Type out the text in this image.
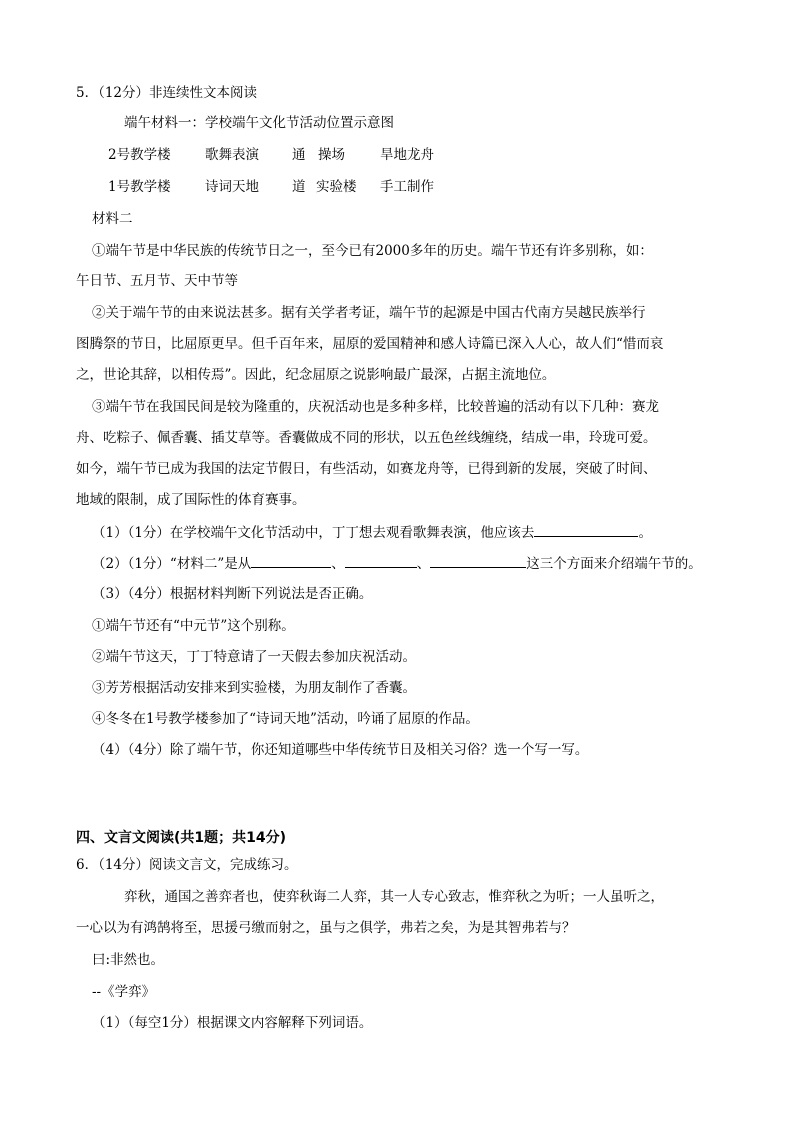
5．（12分）非连续性文本阅读
端午材料一：学校端午文化节活动位置示意图
2号教学楼	歌舞表演 通 操场	旱地龙舟
1号教学楼	诗词天地 道 实验楼 手工制作
材料二
①端午节是中华民族的传统节日之一，至今已有2000多年的历史。端午节还有许多别称，如：
午日节、五月节、天中节等
②关于端午节的由来说法甚多。据有关学者考证，端午节的起源是中国古代南方吴越民族举行
图腾祭的节日，比屈原更早。但千百年来，屈原的爱国精神和感人诗篇已深入人心，故人们“惜而哀
之，世论其辞，以相传焉”。因此，纪念屈原之说影响最广最深，占据主流地位。
③端午节在我国民间是较为隆重的，庆祝活动也是多种多样，比较普遍的活动有以下几种：赛龙
舟、吃粽子、佩香囊、插艾草等。香囊做成不同的形状，以五色丝线缠绕，结成一串，玲珑可爱。
如今，端午节已成为我国的法定节假日，有些活动，如赛龙舟等，已得到新的发展，突破了时间、
地域的限制，成了国际性的体育赛事。
（1）（1分）在学校端午文化节活动中，丁丁想去观看歌舞表演，他应该去	。
（2）（1分）“材料二”是从	、	、	这三个方面来介绍端午节的。
（3）（4分）根据材料判断下列说法是否正确。
①端午节还有“中元节”这个别称。
②端午节这天，丁丁特意请了一天假去参加庆祝活动。
③芳芳根据活动安排来到实验楼，为朋友制作了香囊。
④冬冬在1号教学楼参加了“诗词天地”活动，吟诵了屈原的作品。
（4）（4分）除了端午节，你还知道哪些中华传统节日及相关习俗？选一个写一写。
四、文言文阅读(共1题；共14分)
6．（14分）阅读文言文，完成练习。
弈秋，通国之善弈者也，使弈秋诲二人弈，其一人专心致志，惟弈秋之为听；一人虽听之，
一心以为有鸿鹄将至，思援弓缴而射之，虽与之俱学，弗若之矣，为是其智弗若与？
曰:非然也。
--《学弈》
（1）（每空1分）根据课文内容解释下列词语。
